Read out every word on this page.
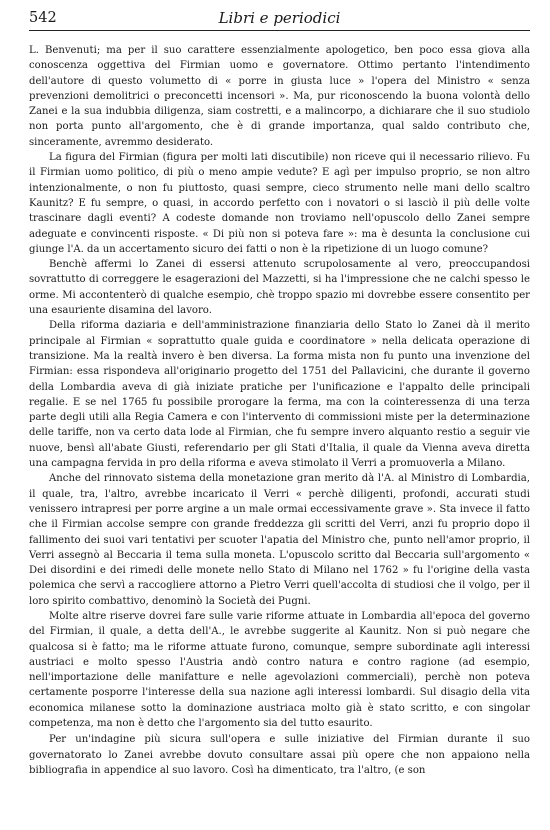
542	Libri e periodici

L. Benvenuti; ma per il suo carattere essenzialmente apologetico, ben poco essa giova alla conoscenza oggettiva del Firmian uomo e governatore. Ottimo pertanto l'intendimento dell'autore di questo volumetto di « porre in giusta luce » l'opera del Ministro « senza prevenzioni demolitrici o preconcetti incensori ». Ma, pur riconoscendo la buona volontà dello Zanei e la sua indubbia diligenza, siam costretti, e a malincorpo, a dichiarare che il suo studiolo non porta punto all'argomento, che è di grande importanza, qual saldo contributo che, sinceramente, avremmo desiderato.

La figura del Firmian (figura per molti lati discutibile) non riceve qui il necessario rilievo. Fu il Firmian uomo politico, di più o meno ampie vedute? E agì per impulso proprio, se non altro intenzionalmente, o non fu piuttosto, quasi sempre, cieco strumento nelle mani dello scaltro Kaunitz? E fu sempre, o quasi, in accordo perfetto con i novatori o si lasciò il più delle volte trascinare dagli eventi? A codeste domande non troviamo nell'opuscolo dello Zanei sempre adeguate e convincenti risposte. « Di più non si poteva fare »: ma è desunta la conclusione cui giunge l'A. da un accertamento sicuro dei fatti o non è la ripetizione di un luogo comune?

Benchè affermi lo Zanei di essersi attenuto scrupolosamente al vero, preoccupandosi sovrattutto di correggere le esagerazioni del Mazzetti, si ha l'impressione che ne calchi spesso le orme. Mi accontenterò di qualche esempio, chè troppo spazio mi dovrebbe essere consentito per una esauriente disamina del lavoro.

Della riforma daziaria e dell'amministrazione finanziaria dello Stato lo Zanei dà il merito principale al Firmian « soprattutto quale guida e coordinatore » nella delicata operazione di transizione. Ma la realtà invero è ben diversa. La forma mista non fu punto una invenzione del Firmian: essa rispondeva all'originario progetto del 1751 del Pallavicini, che durante il governo della Lombardia aveva di già iniziate pratiche per l'unificazione e l'appalto delle principali regalie. E se nel 1765 fu possibile prorogare la ferma, ma con la cointeressenza di una terza parte degli utili alla Regia Camera e con l'intervento di commissioni miste per la determinazione delle tariffe, non va certo data lode al Firmian, che fu sempre invero alquanto restio a seguir vie nuove, bensì all'abate Giusti, referendario per gli Stati d'Italia, il quale da Vienna aveva diretta una campagna fervida in pro della riforma e aveva stimolato il Verri a promuoverla a Milano.

Anche del rinnovato sistema della monetazione gran merito dà l'A. al Ministro di Lombardia, il quale, tra, l'altro, avrebbe incaricato il Verri « perchè diligenti, profondi, accurati studi venissero intrapresi per porre argine a un male ormai eccessivamente grave ». Sta invece il fatto che il Firmian accolse sempre con grande freddezza gli scritti del Verri, anzi fu proprio dopo il fallimento dei suoi vari tentativi per scuoter l'apatia del Ministro che, punto nell'amor proprio, il Verri assegnò al Beccaria il tema sulla moneta. L'opuscolo scritto dal Beccaria sull'argomento « Dei disordini e dei rimedi delle monete nello Stato di Milano nel 1762 » fu l'origine della vasta polemica che servì a raccogliere attorno a Pietro Verri quell'accolta di studiosi che il volgo, per il loro spirito combattivo, denominò la Società dei Pugni.

Molte altre riserve dovrei fare sulle varie riforme attuate in Lombardia all'epoca del governo del Firmian, il quale, a detta dell'A., le avrebbe suggerite al Kaunitz. Non si può negare che qualcosa si è fatto; ma le riforme attuate furono, comunque, sempre subordinate agli interessi austriaci e molto spesso l'Austria andò contro natura e contro ragione (ad esempio, nell'importazione delle manifatture e nelle agevolazioni commerciali), perchè non poteva certamente posporre l'interesse della sua nazione agli interessi lombardi. Sul disagio della vita economica milanese sotto la dominazione austriaca molto già è stato scritto, e con singolar competenza, ma non è detto che l'argomento sia del tutto esaurito.

Per un'indagine più sicura sull'opera e sulle iniziative del Firmian durante il suo governatorato lo Zanei avrebbe dovuto consultare assai più opere che non appaiono nella bibliografia in appendice al suo lavoro. Così ha dimenticato, tra l'altro, (e son
